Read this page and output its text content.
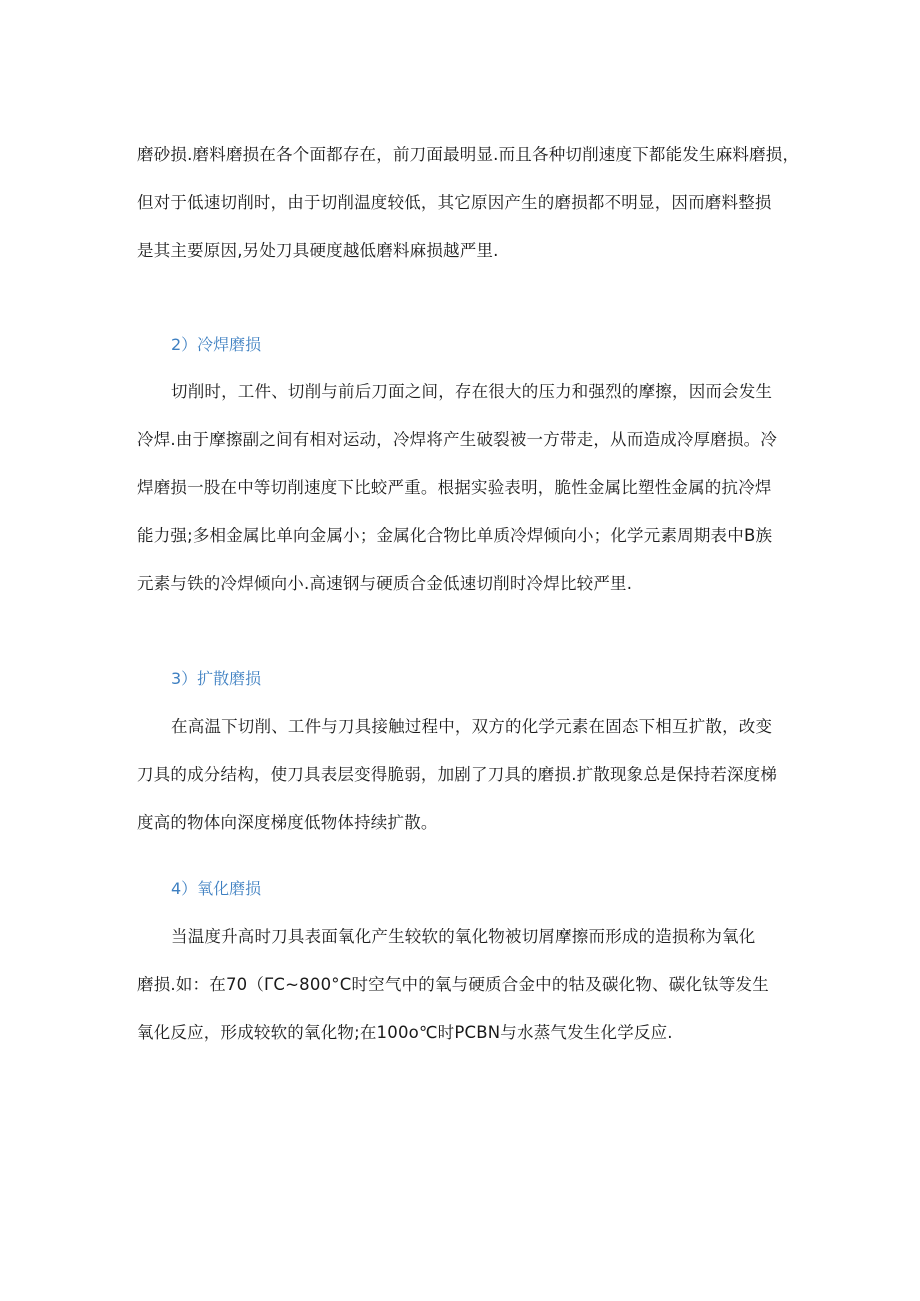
磨砂损.磨料磨损在各个面都存在，前刀面最明显.而且各种切削速度下都能发生麻料磨损，
但对于低速切削时，由于切削温度较低，其它原因产生的磨损都不明显，因而磨料整损
是其主要原因,另处刀具硬度越低磨料麻损越严里.
2）冷焊磨损
切削时，工件、切削与前后刀面之间，存在很大的压力和强烈的摩擦，因而会发生
冷焊.由于摩擦副之间有相对运动，冷焊将产生破裂被一方带走，从而造成冷厚磨损。冷
焊磨损一股在中等切削速度下比蛟严重。根据实验表明，脆性金属比塑性金属的抗冷焊
能力强;多相金属比单向金属小；金属化合物比单质冷焊倾向小；化学元素周期表中B族
元素与铁的冷焊倾向小.高速钢与硬质合金低速切削时冷焊比较严里.
3）扩散磨损
在高温下切削、工件与刀具接触过程中，双方的化学元素在固态下相互扩散，改变
刀具的成分结构，使刀具表层变得脆弱，加剧了刀具的磨损.扩散现象总是保持若深度梯
度高的物体向深度梯度低物体持续扩散。
4）氧化磨损
当温度升高时刀具表面氧化产生较软的氧化物被切屑摩擦而形成的造损称为氧化
磨损.如：在70（ΓC~800°C时空气中的氧与硬质合金中的牯及碳化物、碳化钛等发生
氧化反应，形成较软的氧化物;在100o℃时PCBN与水蒸气发生化学反应.
